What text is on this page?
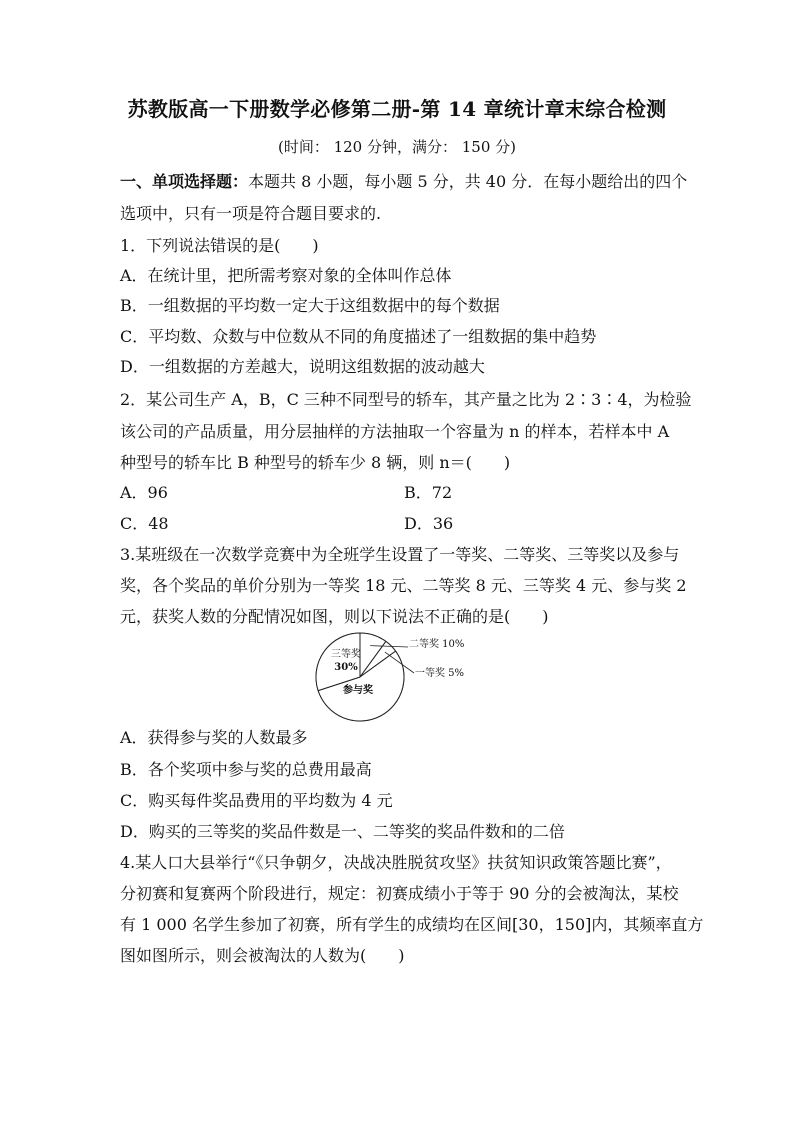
苏教版高一下册数学必修第二册-第 14 章统计章末综合检测
(时间： 120 分钟，满分： 150 分)
一、单项选择题：本题共 8 小题，每小题 5 分，共 40 分．在每小题给出的四个
选项中，只有一项是符合题目要求的.
1．下列说法错误的是(　　)
A．在统计里，把所需考察对象的全体叫作总体
B．一组数据的平均数一定大于这组数据中的每个数据
C．平均数、众数与中位数从不同的角度描述了一组数据的集中趋势
D．一组数据的方差越大，说明这组数据的波动越大
2．某公司生产 A，B，C 三种不同型号的轿车，其产量之比为 2∶3∶4，为检验
该公司的产品质量，用分层抽样的方法抽取一个容量为 n 的样本，若样本中 A
种型号的轿车比 B 种型号的轿车少 8 辆，则 n＝(　　)
A．96	B．72
C．48	D．36
3.某班级在一次数学竞赛中为全班学生设置了一等奖、二等奖、三等奖以及参与
奖，各个奖品的单价分别为一等奖 18 元、二等奖 8 元、三等奖 4 元、参与奖 2
元，获奖人数的分配情况如图，则以下说法不正确的是(　　)
三等奖
30%
参与奖
二等奖 10%
一等奖 5%
A．获得参与奖的人数最多
B．各个奖项中参与奖的总费用最高
C．购买每件奖品费用的平均数为 4 元
D．购买的三等奖的奖品件数是一、二等奖的奖品件数和的二倍
4.某人口大县举行“《只争朝夕，决战决胜脱贫攻坚》扶贫知识政策答题比赛”，
分初赛和复赛两个阶段进行，规定：初赛成绩小于等于 90 分的会被淘汰，某校
有 1 000 名学生参加了初赛，所有学生的成绩均在区间[30，150]内，其频率直方
图如图所示，则会被淘汰的人数为(　　)
